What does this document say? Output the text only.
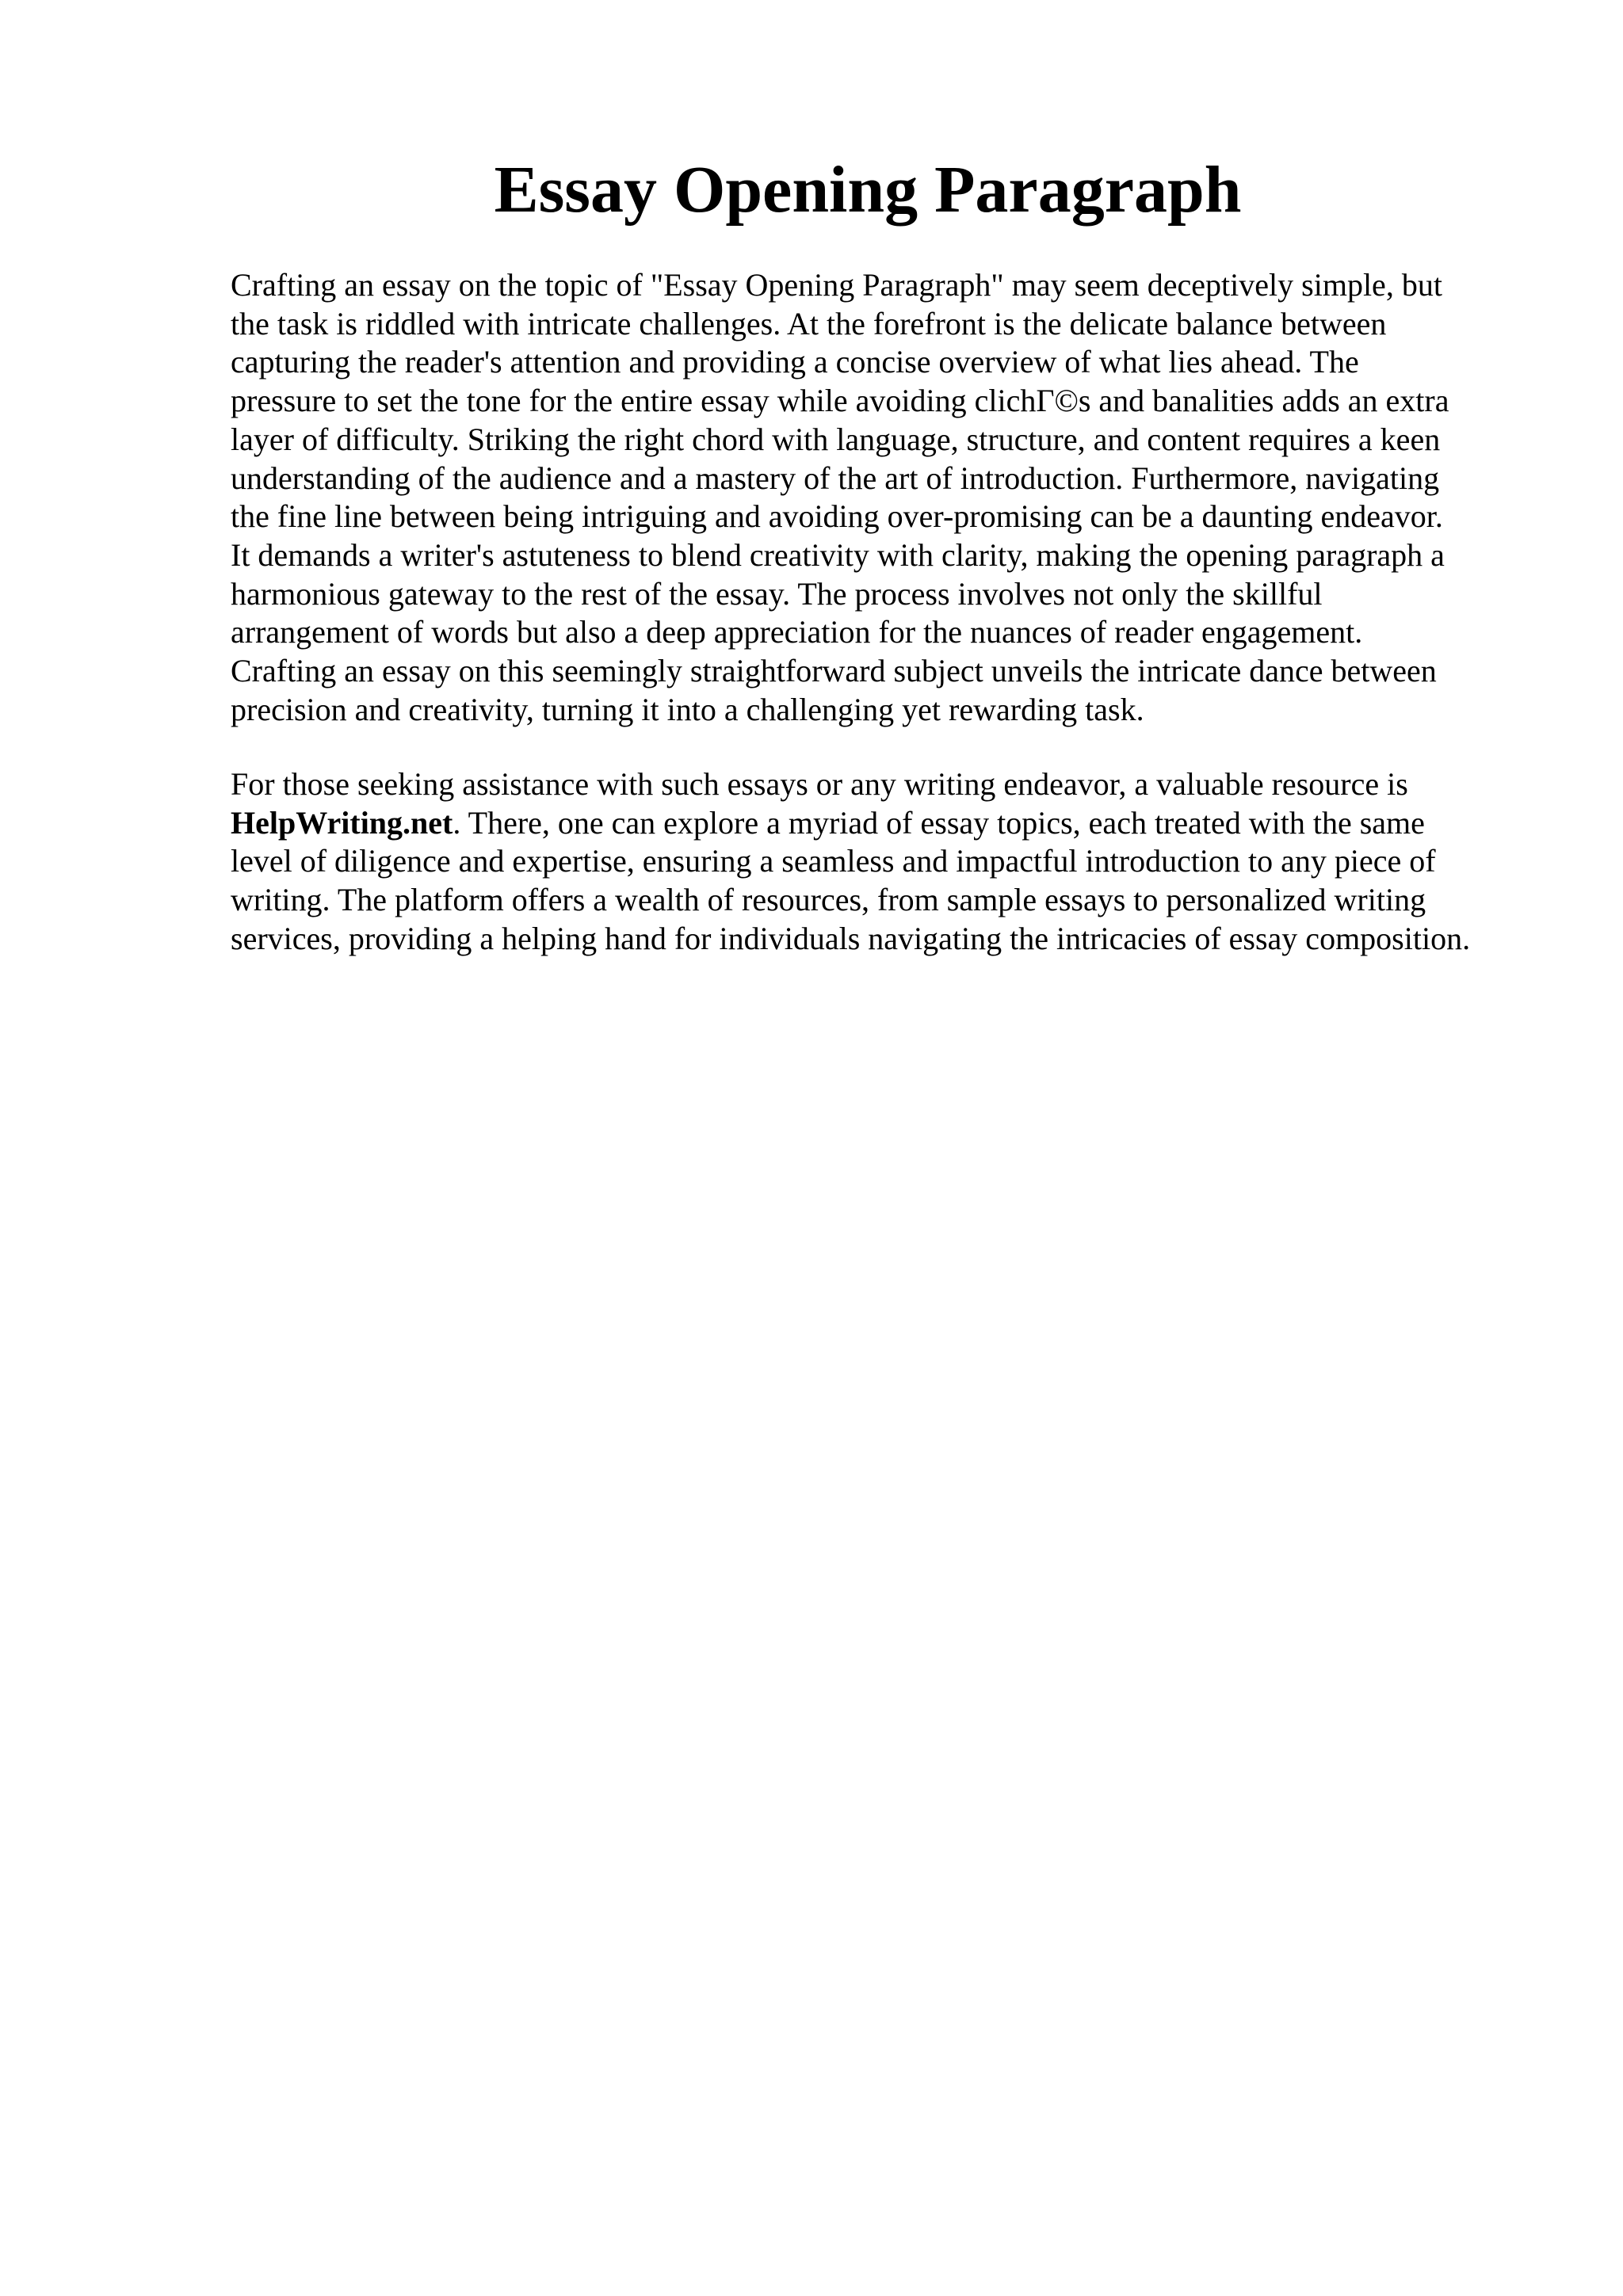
Essay Opening Paragraph
Crafting an essay on the topic of "Essay Opening Paragraph" may seem deceptively simple, but
the task is riddled with intricate challenges. At the forefront is the delicate balance between
capturing the reader's attention and providing a concise overview of what lies ahead. The
pressure to set the tone for the entire essay while avoiding clichΓ©s and banalities adds an extra
layer of difficulty. Striking the right chord with language, structure, and content requires a keen
understanding of the audience and a mastery of the art of introduction. Furthermore, navigating
the fine line between being intriguing and avoiding over-promising can be a daunting endeavor.
It demands a writer's astuteness to blend creativity with clarity, making the opening paragraph a
harmonious gateway to the rest of the essay. The process involves not only the skillful
arrangement of words but also a deep appreciation for the nuances of reader engagement.
Crafting an essay on this seemingly straightforward subject unveils the intricate dance between
precision and creativity, turning it into a challenging yet rewarding task.
For those seeking assistance with such essays or any writing endeavor, a valuable resource is
HelpWriting.net. There, one can explore a myriad of essay topics, each treated with the same
level of diligence and expertise, ensuring a seamless and impactful introduction to any piece of
writing. The platform offers a wealth of resources, from sample essays to personalized writing
services, providing a helping hand for individuals navigating the intricacies of essay composition.
